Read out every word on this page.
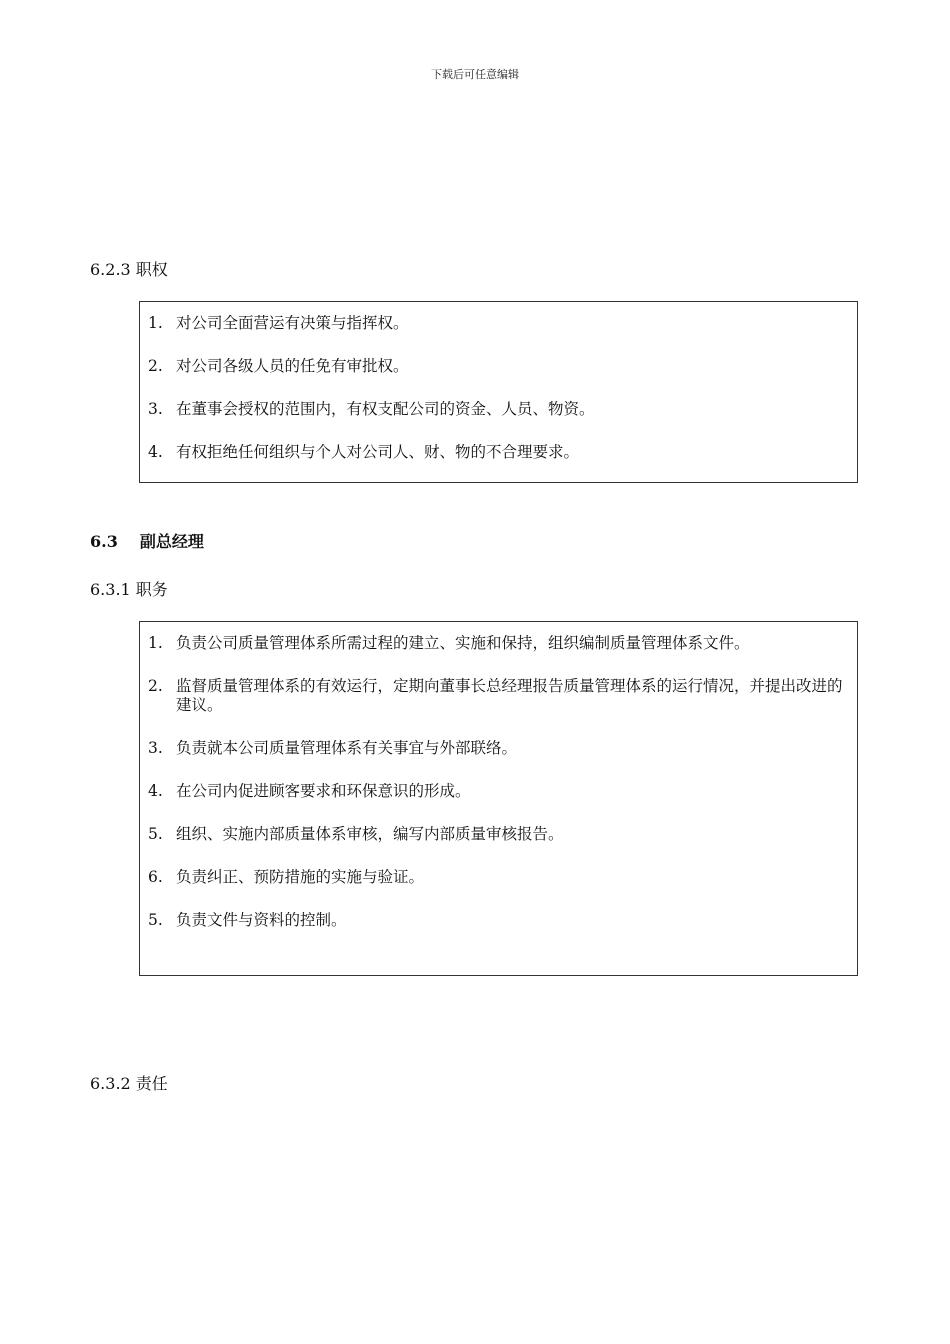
下载后可任意编辑
6.2.3 职权
1. 对公司全面营运有决策与指挥权。
2. 对公司各级人员的任免有审批权。
3. 在董事会授权的范围内，有权支配公司的资金、人员、物资。
4. 有权拒绝任何组织与个人对公司人、财、物的不合理要求。
6.3 副总经理
6.3.1 职务
1. 负责公司质量管理体系所需过程的建立、实施和保持，组织编制质量管理体系文件。
2. 监督质量管理体系的有效运行，定期向董事长总经理报告质量管理体系的运行情况，并提出改进的建议。
3. 负责就本公司质量管理体系有关事宜与外部联络。
4. 在公司内促进顾客要求和环保意识的形成。
5. 组织、实施内部质量体系审核，编写内部质量审核报告。
6. 负责纠正、预防措施的实施与验证。
5. 负责文件与资料的控制。
6.3.2 责任
